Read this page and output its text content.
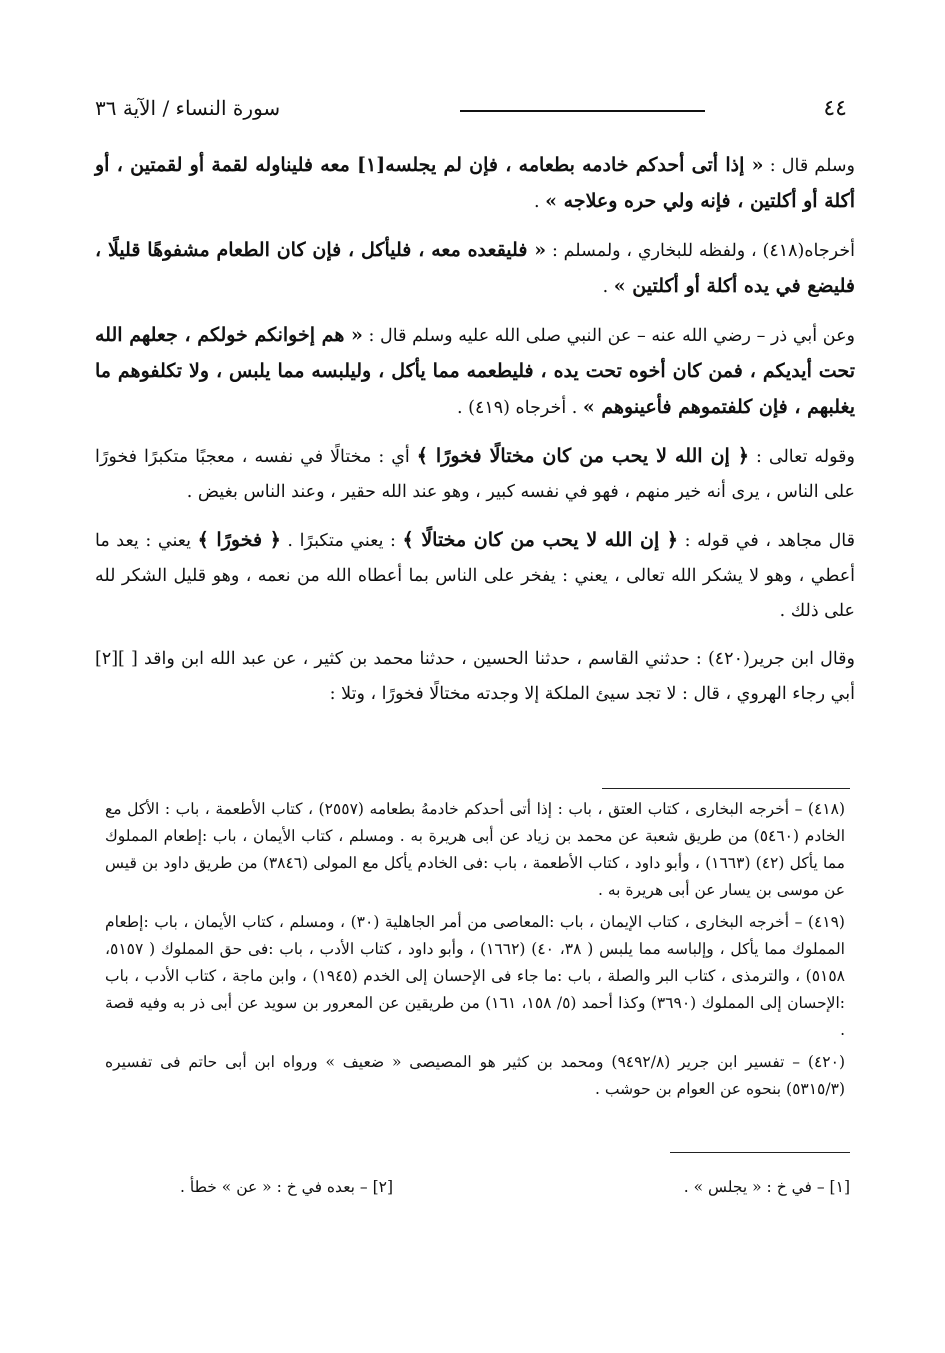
٤٤
سورة النساء / الآية ٣٦

وسلم قال : « إذا أتى أحدكم خادمه بطعامه ، فإن لم يجلسه[١] معه فليناوله لقمة أو لقمتين ، أو أكلة أو أكلتين ، فإنه ولي حره وعلاجه » .

أخرجاه(٤١٨) ، ولفظه للبخاري ، ولمسلم : « فليقعده معه ، فليأكل ، فإن كان الطعام مشفوهًا قليلًا ، فليضع في يده أكلة أو أكلتين » .

وعن أبي ذر – رضي الله عنه – عن النبي صلى الله عليه وسلم قال : « هم إخوانكم خولكم ، جعلهم الله تحت أيديكم ، فمن كان أخوه تحت يده ، فليطعمه مما يأكل ، وليلبسه مما يلبس ، ولا تكلفوهم ما يغلبهم ، فإن كلفتموهم فأعينوهم » . أخرجاه (٤١٩) .

وقوله تعالى : ﴿ إن الله لا يحب من كان مختالًا فخورًا ﴾ أي : مختالًا في نفسه ، معجبًا متكبرًا فخورًا على الناس ، يرى أنه خير منهم ، فهو في نفسه كبير ، وهو عند الله حقير ، وعند الناس بغيض .

قال مجاهد ، في قوله : ﴿ إن الله لا يحب من كان مختالًا ﴾ : يعني متكبرًا . ﴿ فخورًا ﴾ يعني : يعد ما أعطي ، وهو لا يشكر الله تعالى ، يعني : يفخر على الناس بما أعطاه الله من نعمه ، وهو قليل الشكر لله على ذلك .

وقال ابن جرير(٤٢٠) : حدثني القاسم ، حدثنا الحسين ، حدثنا محمد بن كثير ، عن عبد الله ابن واقد [ ][٢] أبي رجاء الهروي ، قال : لا تجد سيئ الملكة إلا وجدته مختالًا فخورًا ، وتلا :

(٤١٨) – أخرجه البخارى ، كتاب العتق ، باب : إذا أتى أحدكم خادمهُ بطعامه (٢٥٥٧) ، كتاب الأطعمة ، باب : الأكل مع الخادم (٥٤٦٠) من طريق شعبة عن محمد بن زياد عن أبى هريرة به . ومسلم ، كتاب الأيمان ، باب :إطعام المملوك مما يأكل (٤٢) (١٦٦٣) ، وأبو داود ، كتاب الأطعمة ، باب :فى الخادم يأكل مع المولى (٣٨٤٦) من طريق داود بن قيس عن موسى بن يسار عن أبى هريرة به .

(٤١٩) – أخرجه البخارى ، كتاب الإيمان ، باب :المعاصى من أمر الجاهلية (٣٠) ، ومسلم ، كتاب الأيمان ، باب :إطعام المملوك مما يأكل ، وإلباسه مما يلبس ( ٣٨، ٤٠) (١٦٦٢) ، وأبو داود ، كتاب الأدب ، باب :فى حق المملوك ( ٥١٥٧، ٥١٥٨) ، والترمذى ، كتاب البر والصلة ، باب :ما جاء فى الإحسان إلى الخدم (١٩٤٥) ، وابن ماجة ، كتاب الأدب ، باب :الإحسان إلى المملوك (٣٦٩٠) وكذا أحمد (٥/ ١٥٨، ١٦١) من طريقين عن المعرور بن سويد عن أبى ذر به وفيه قصة .

(٤٢٠) – تفسير ابن جرير (٩٤٩٢/٨) ومحمد بن كثير هو المصيصى « ضعيف » ورواه ابن أبى حاتم فى تفسيره (٥٣١٥/٣) بنحوه عن العوام بن حوشب .

[١] – في خ : « يجلس » .
[٢] – بعده في خ : « عن » خطأ .
